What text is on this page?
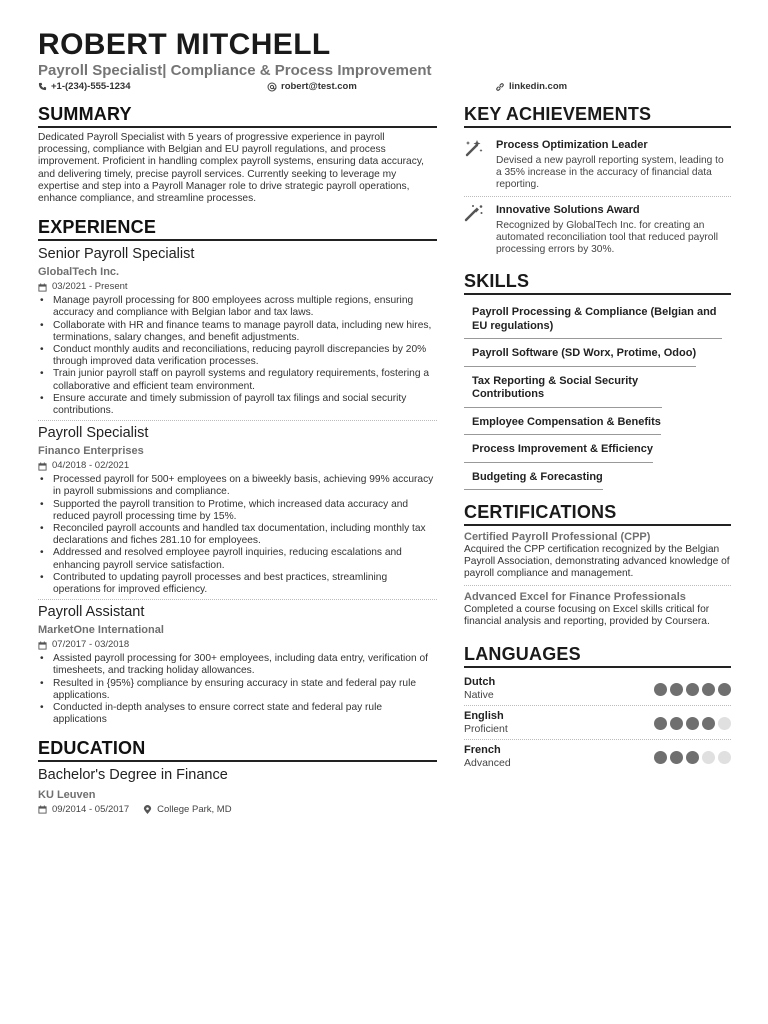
ROBERT MITCHELL
Payroll Specialist| Compliance & Process Improvement
+1-(234)-555-1234	robert@test.com	linkedin.com
SUMMARY
Dedicated Payroll Specialist with 5 years of progressive experience in payroll processing, compliance with Belgian and EU payroll regulations, and process improvement. Proficient in handling complex payroll systems, ensuring data accuracy, and delivering timely, precise payroll services. Currently seeking to leverage my expertise and step into a Payroll Manager role to drive strategic payroll operations, enhance compliance, and streamline processes.
EXPERIENCE
Senior Payroll Specialist
GlobalTech Inc.
03/2021 - Present
• Manage payroll processing for 800 employees across multiple regions, ensuring accuracy and compliance with Belgian labor and tax laws.
• Collaborate with HR and finance teams to manage payroll data, including new hires, terminations, salary changes, and benefit adjustments.
• Conduct monthly audits and reconciliations, reducing payroll discrepancies by 20% through improved data verification processes.
• Train junior payroll staff on payroll systems and regulatory requirements, fostering a collaborative and efficient team environment.
• Ensure accurate and timely submission of payroll tax filings and social security contributions.
Payroll Specialist
Financo Enterprises
04/2018 - 02/2021
• Processed payroll for 500+ employees on a biweekly basis, achieving 99% accuracy in payroll submissions and compliance.
• Supported the payroll transition to Protime, which increased data accuracy and reduced payroll processing time by 15%.
• Reconciled payroll accounts and handled tax documentation, including monthly tax declarations and fiches 281.10 for employees.
• Addressed and resolved employee payroll inquiries, reducing escalations and enhancing payroll service satisfaction.
• Contributed to updating payroll processes and best practices, streamlining operations for improved efficiency.
Payroll Assistant
MarketOne International
07/2017 - 03/2018
• Assisted payroll processing for 300+ employees, including data entry, verification of timesheets, and tracking holiday allowances.
• Resulted in {95%} compliance by ensuring accuracy in state and federal pay rule applications.
• Conducted in-depth analyses to ensure correct state and federal pay rule applications
EDUCATION
Bachelor's Degree in Finance
KU Leuven
09/2014 - 05/2017	College Park, MD
KEY ACHIEVEMENTS
Process Optimization Leader
Devised a new payroll reporting system, leading to a 35% increase in the accuracy of financial data reporting.
Innovative Solutions Award
Recognized by GlobalTech Inc. for creating an automated reconciliation tool that reduced payroll processing errors by 30%.
SKILLS
Payroll Processing & Compliance (Belgian and EU regulations)
Payroll Software (SD Worx, Protime, Odoo)
Tax Reporting & Social Security Contributions
Employee Compensation & Benefits
Process Improvement & Efficiency
Budgeting & Forecasting
CERTIFICATIONS
Certified Payroll Professional (CPP)
Acquired the CPP certification recognized by the Belgian Payroll Association, demonstrating advanced knowledge of payroll compliance and management.
Advanced Excel for Finance Professionals
Completed a course focusing on Excel skills critical for financial analysis and reporting, provided by Coursera.
LANGUAGES
Dutch
Native
English
Proficient
French
Advanced
